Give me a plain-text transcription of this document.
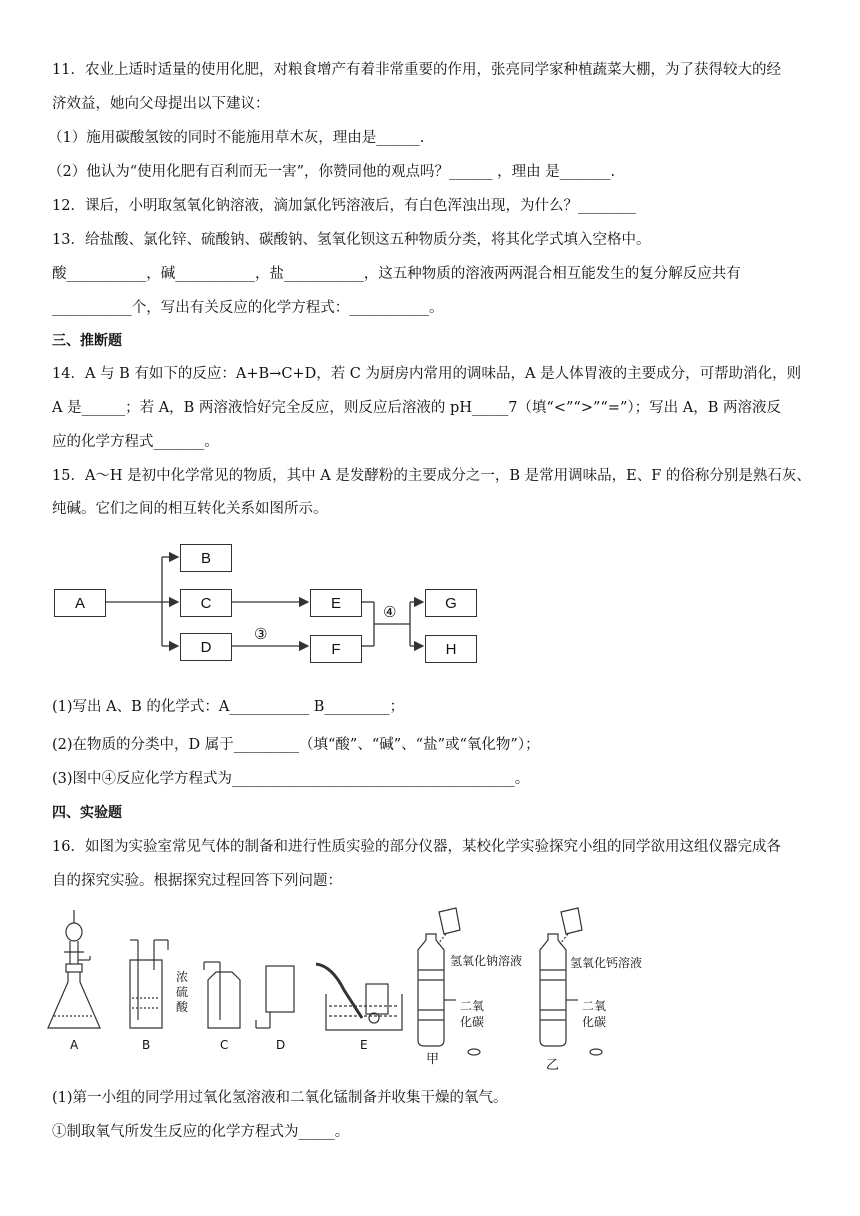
11．农业上适时适量的使用化肥，对粮食增产有着非常重要的作用，张亮同学家种植蔬菜大棚，为了获得较大的经
济效益，她向父母提出以下建议：
（1）施用碳酸氢铵的同时不能施用草木灰，理由是______.
（2）他认为“使用化肥有百利而无一害”，你赞同他的观点吗？______ ，理由 是_______.
12．课后，小明取氢氧化钠溶液，滴加氯化钙溶液后，有白色浑浊出现，为什么？________
13．给盐酸、氯化锌、硫酸钠、碳酸钠、氢氧化钡这五种物质分类，将其化学式填入空格中。
酸___________，碱___________，盐___________，这五种物质的溶液两两混合相互能发生的复分解反应共有
___________个，写出有关反应的化学方程式：___________。
三、推断题
14．A 与 B 有如下的反应：A+B→C+D，若 C 为厨房内常用的调味品，A 是人体胃液的主要成分，可帮助消化，则
A 是______；若 A，B 两溶液恰好完全反应，则反应后溶液的 pH_____7（填“<”“>”“=”）；写出 A，B 两溶液反
应的化学方程式_______。
15．A～H 是初中化学常见的物质，其中 A 是发酵粉的主要成分之一，B 是常用调味品，E、F 的俗称分别是熟石灰、
纯碱。它们之间的相互转化关系如图所示。
A
B
C
D
E
F
G
H
③
④
(1)写出 A、B 的化学式：A___________ B_________；
(2)在物质的分类中，D 属于_________（填“酸”、“碱”、“盐”或“氧化物”）；
(3)图中④反应化学方程式为_______________________________________。
四、实验题
16．如图为实验室常见气体的制备和进行性质实验的部分仪器，某校化学实验探究小组的同学欲用这组仪器完成各
自的探究实验。根据探究过程回答下列问题：
A	B
浓硫酸
C	D	E
氢氧化钠溶液
二氧化碳
甲
氢氧化钙溶液
二氧化碳
乙
(1)第一小组的同学用过氧化氢溶液和二氧化锰制备并收集干燥的氧气。
①制取氧气所发生反应的化学方程式为_____。
